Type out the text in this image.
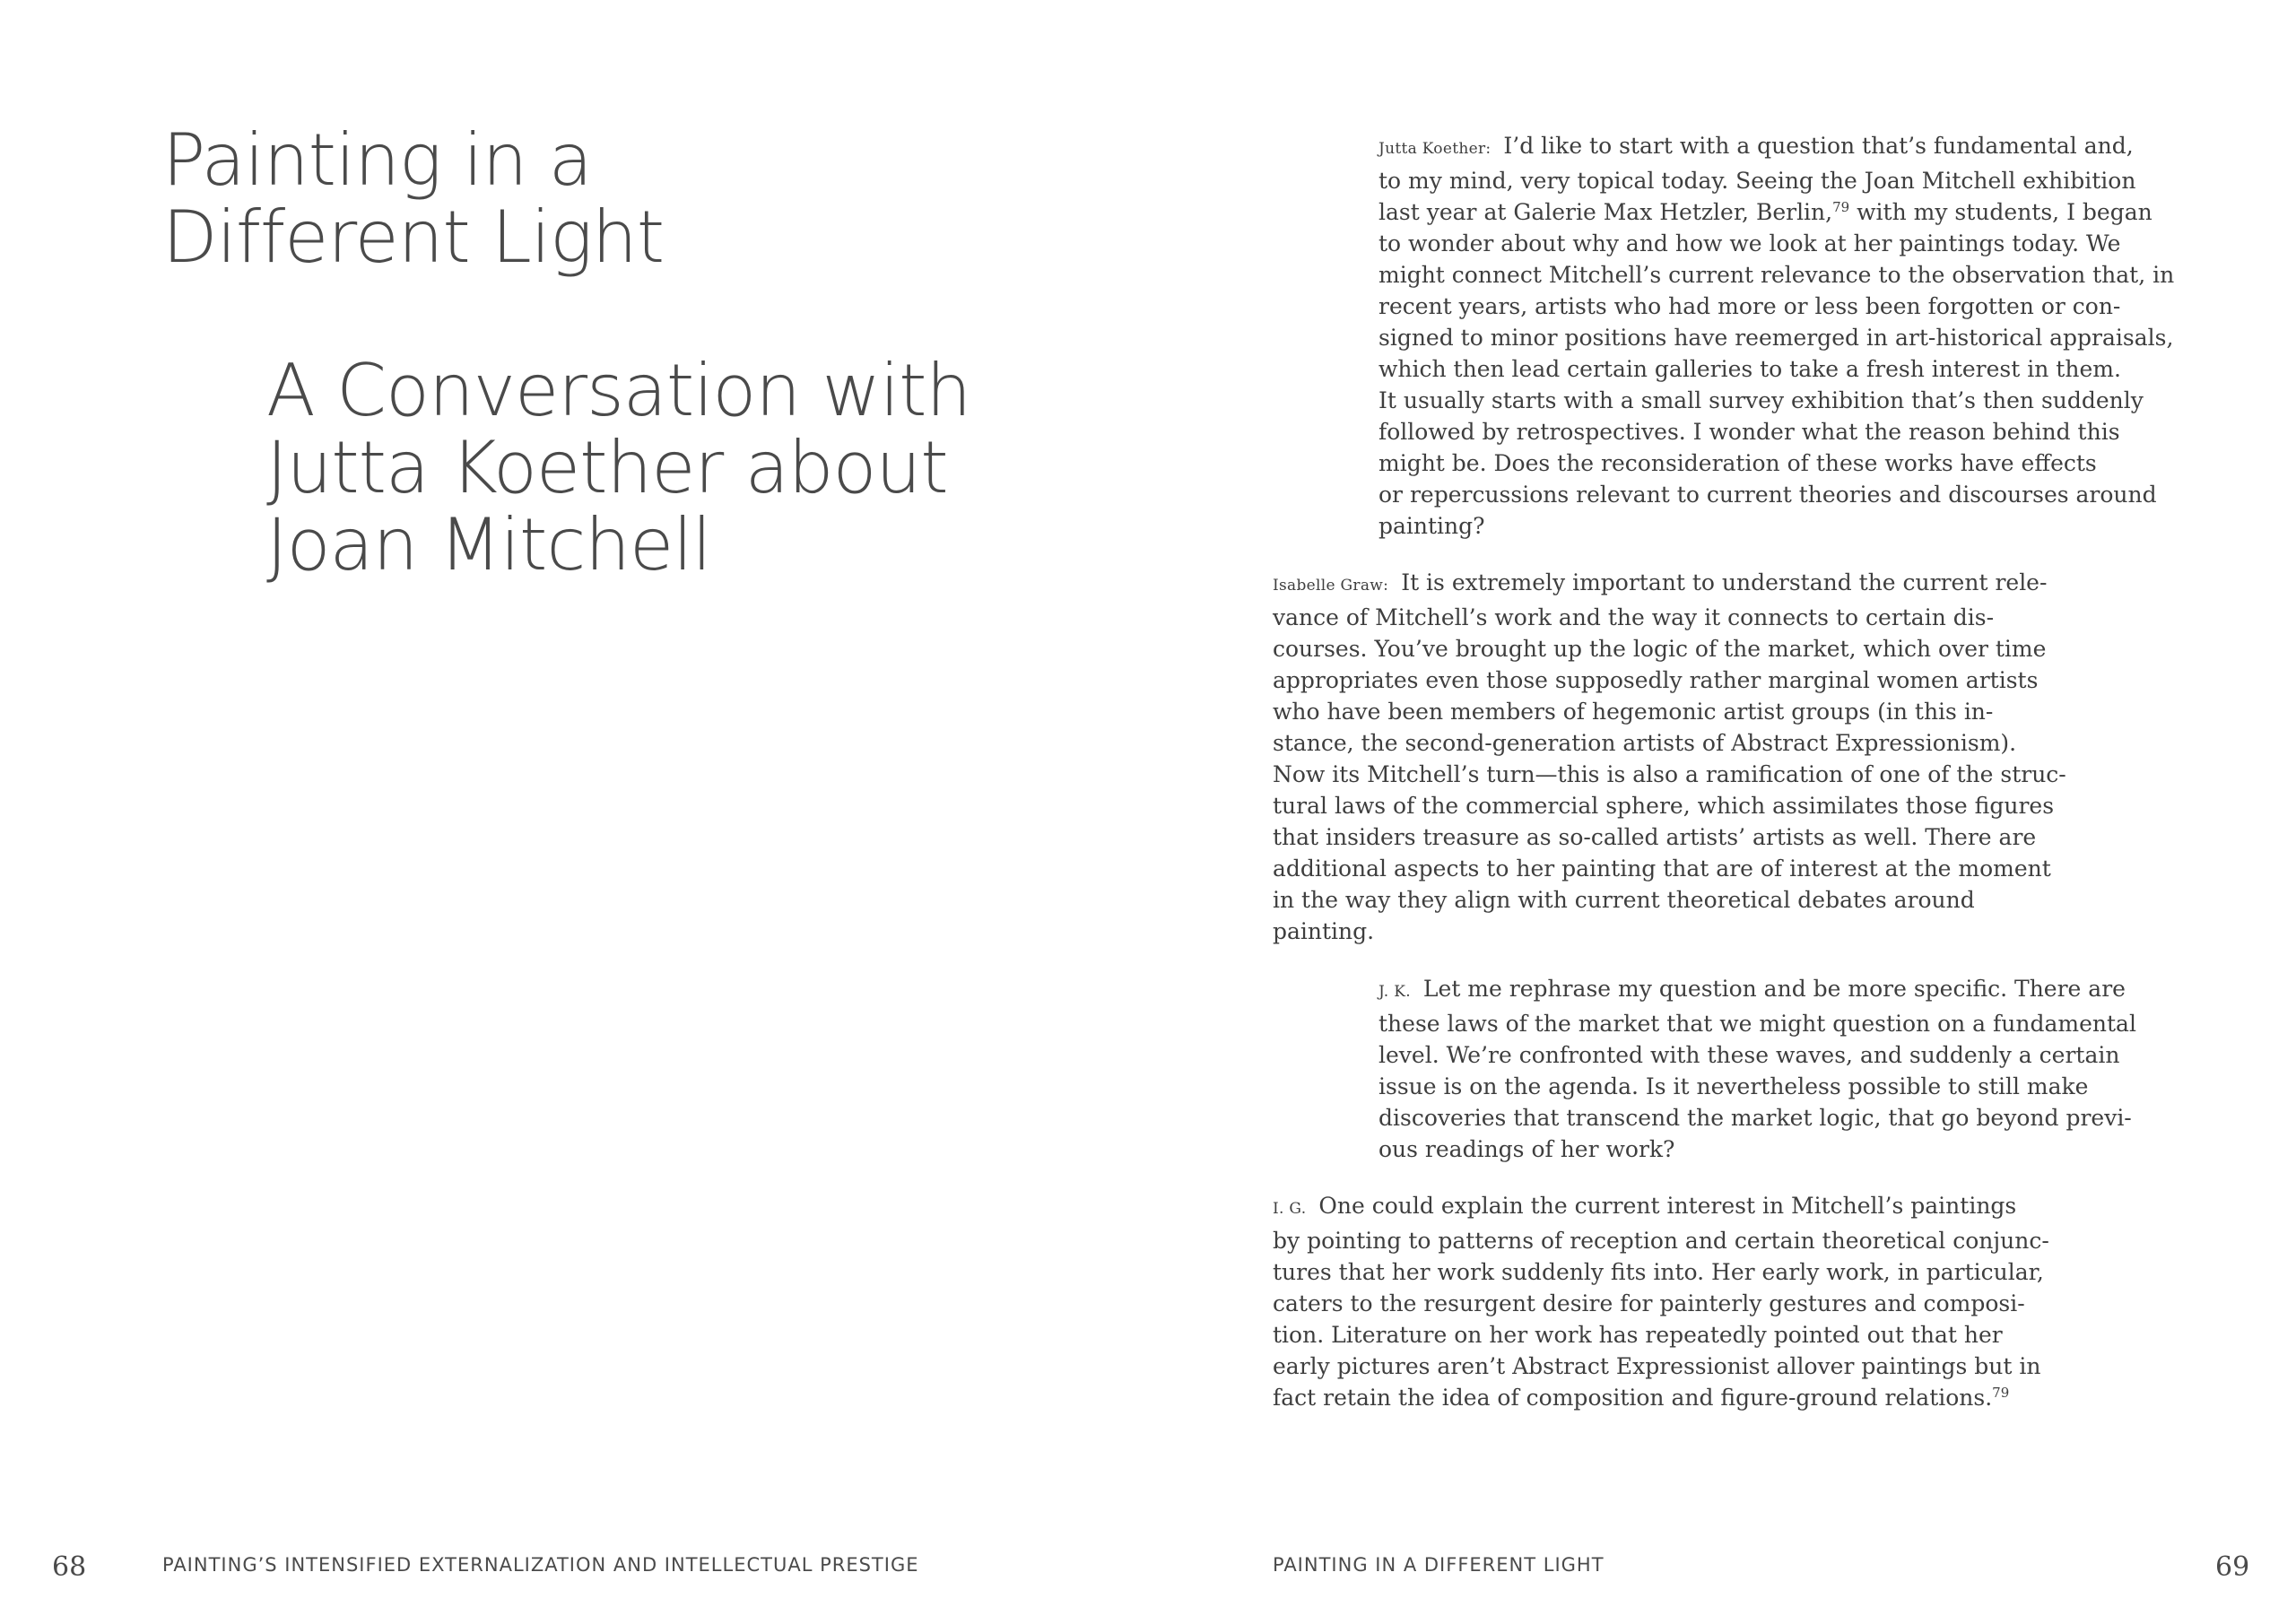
Painting in a
Different Light
A Conversation with
Jutta Koether about
Joan Mitchell

68	PAINTING’S INTENSIFIED EXTERNALIZATION AND INTELLECTUAL PRESTIGE

Jutta Koether: I’d like to start with a question that’s fundamental and,
to my mind, very topical today. Seeing the Joan Mitchell exhibition
last year at Galerie Max Hetzler, Berlin,$^{79}$ with my students, I began
to wonder about why and how we look at her paintings today. We
might connect Mitchell’s current relevance to the observation that, in
recent years, artists who had more or less been forgotten or con-
signed to minor positions have reemerged in art-historical appraisals,
which then lead certain galleries to take a fresh interest in them.
It usually starts with a small survey exhibition that’s then suddenly
followed by retrospectives. I wonder what the reason behind this
might be. Does the reconsideration of these works have effects
or repercussions relevant to current theories and discourses around
painting?
Isabelle Graw: It is extremely important to understand the current rele-
vance of Mitchell’s work and the way it connects to certain dis-
courses. You’ve brought up the logic of the market, which over time
appropriates even those supposedly rather marginal women artists
who have been members of hegemonic artist groups (in this in-
stance, the second-generation artists of Abstract Expressionism).
Now its Mitchell’s turn—this is also a ramification of one of the struc-
tural laws of the commercial sphere, which assimilates those figures
that insiders treasure as so-called artists’ artists as well. There are
additional aspects to her painting that are of interest at the moment
in the way they align with current theoretical debates around
painting.
J. K. Let me rephrase my question and be more specific. There are
these laws of the market that we might question on a fundamental
level. We’re confronted with these waves, and suddenly a certain
issue is on the agenda. Is it nevertheless possible to still make
discoveries that transcend the market logic, that go beyond previ-
ous readings of her work?
I. G. One could explain the current interest in Mitchell’s paintings
by pointing to patterns of reception and certain theoretical conjunc-
tures that her work suddenly fits into. Her early work, in particular,
caters to the resurgent desire for painterly gestures and composi-
tion. Literature on her work has repeatedly pointed out that her
early pictures aren’t Abstract Expressionist allover paintings but in
fact retain the idea of composition and figure-ground relations.$^{79}$

PAINTING IN A DIFFERENT LIGHT	69
